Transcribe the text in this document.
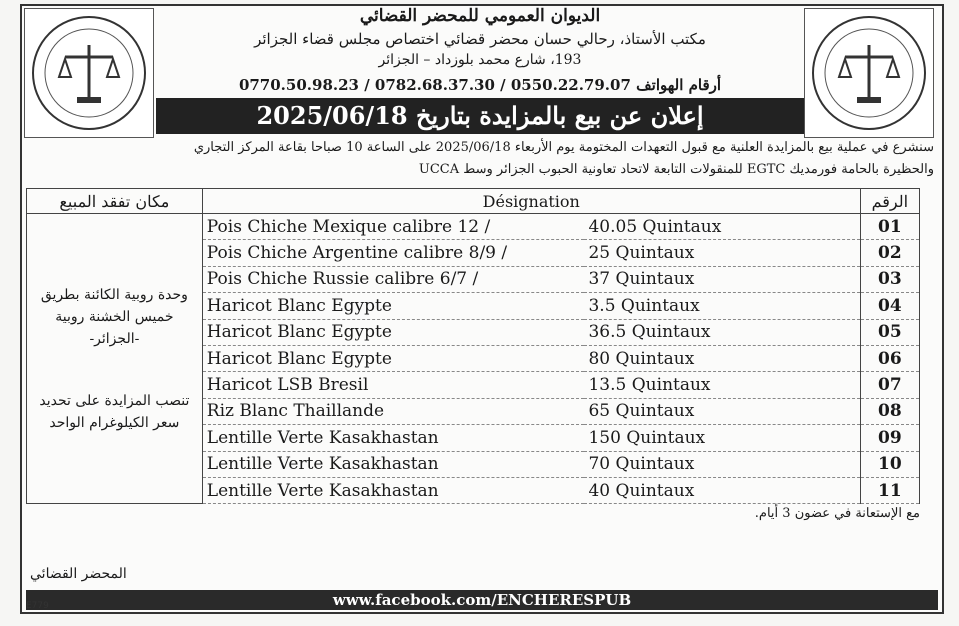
الديوان العمومي للمحضر القضائي
مكتب الأستاذ، رحالي حسان محضر قضائي اختصاص مجلس قضاء الجزائر
193، شارع محمد بلوزداد – الجزائر
0770.50.98.23 / 0782.68.37.30 / 0550.22.79.07 أرقام الهواتف
إعلان عن بيع بالمزايدة بتاريخ 2025/06/18
سنشرع في عملية بيع بالمزايدة العلنية مع قبول التعهدات المختومة يوم الأربعاء 2025/06/18 على الساعة 10 صباحا بقاعة المركز التجاري
والحظيرة بالحامة فورمديك EGTC للمنقولات التابعة لاتحاد تعاونية الحبوب الجزائر وسط UCCA
مكان تفقد المبيع	Désignation		الرقم

وحدة روبية الكائنة بطريق خميس الخشنة روبية -الجزائر-
تنصب المزايدة على تحديد سعر الكيلوغرام الواحد	Pois Chiche Mexique calibre 12 /	40.05 Quintaux	01
	Pois Chiche Argentine calibre 8/9 /	25 Quintaux	02
	Pois Chiche Russie calibre 6/7 /	37 Quintaux	03
	Haricot Blanc Egypte	3.5 Quintaux	04
	Haricot Blanc Egypte	36.5 Quintaux	05
	Haricot Blanc Egypte	80 Quintaux	06
	Haricot LSB Bresil	13.5 Quintaux	07
	Riz Blanc Thaillande	65 Quintaux	08
	Lentille Verte Kasakhastan	150 Quintaux	09
	Lentille Verte Kasakhastan	70 Quintaux	10
	Lentille Verte Kasakhastan	40 Quintaux	11
مع الإستعانة في عضون 3 أيام.
المحضر القضائي
www.facebook.com/ENCHERESPUB
E779
